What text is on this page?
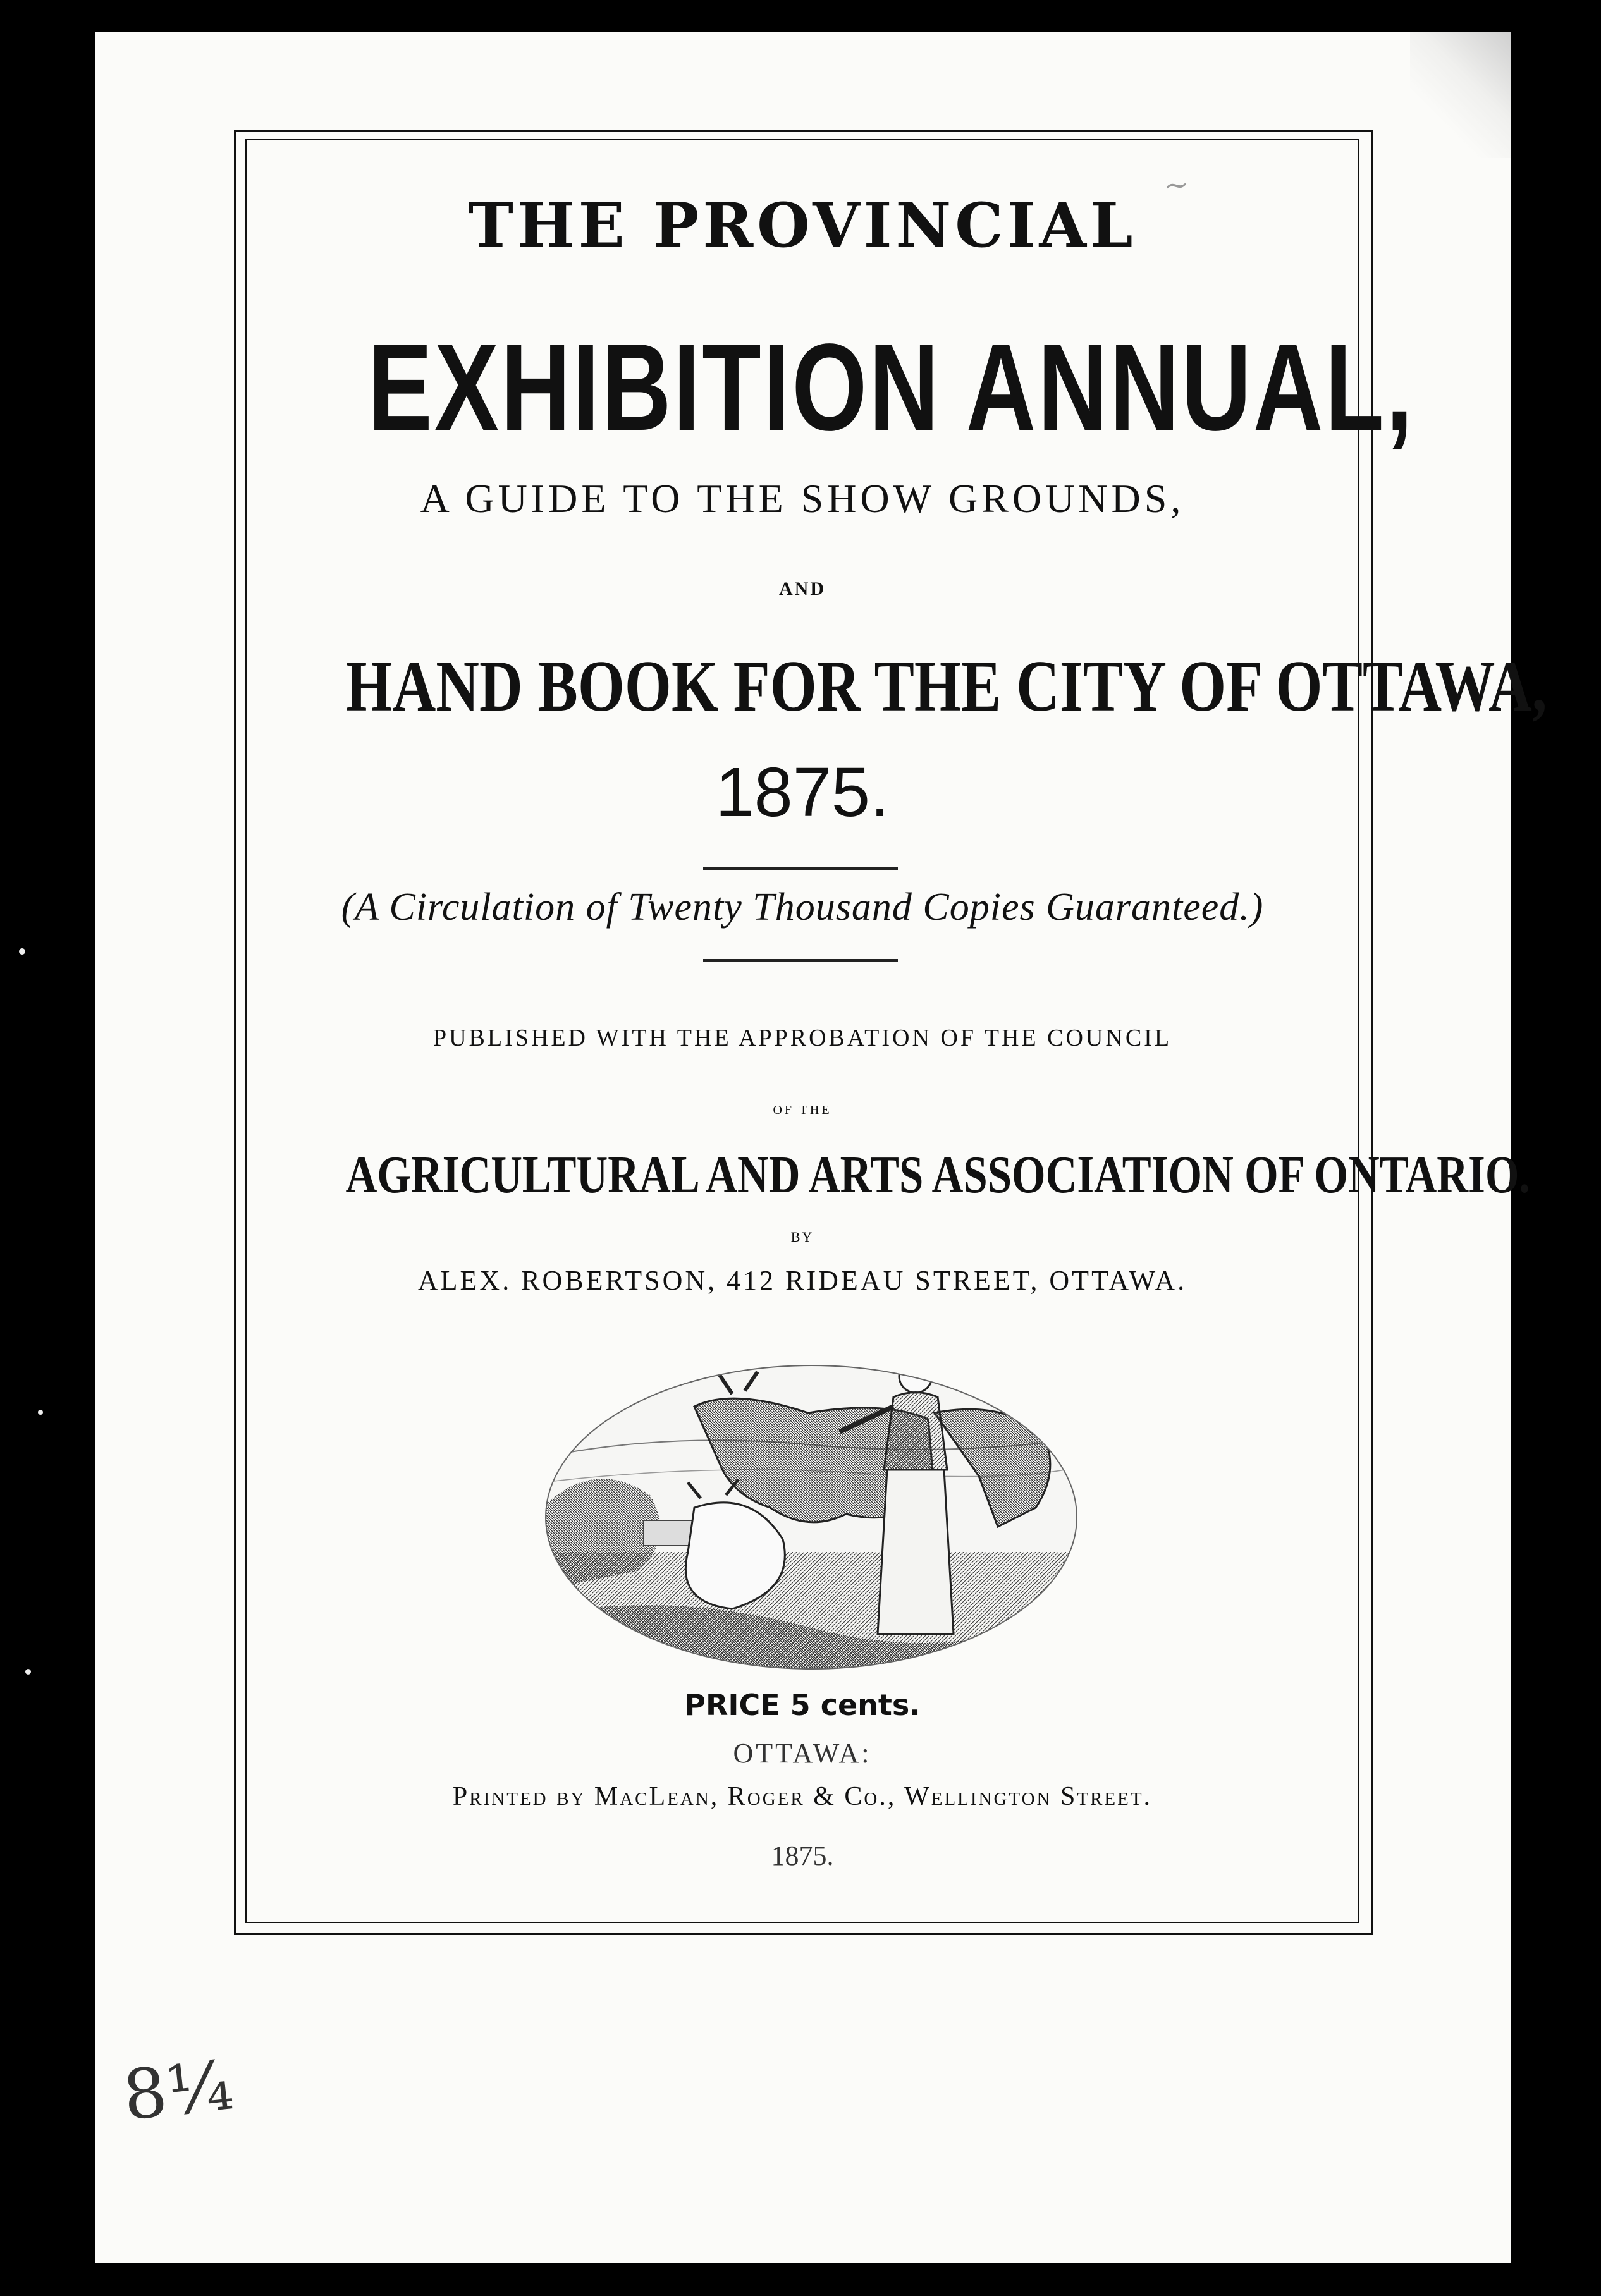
~
THE PROVINCIAL
EXHIBITION ANNUAL,
A GUIDE TO THE SHOW GROUNDS,
AND
HAND BOOK FOR THE CITY OF OTTAWA,
1875.
(A Circulation of Twenty Thousand Copies Guaranteed.)
PUBLISHED WITH THE APPROBATION OF THE COUNCIL
OF THE
AGRICULTURAL AND ARTS ASSOCIATION OF ONTARIO.
BY
ALEX. ROBERTSON, 412 RIDEAU STREET, OTTAWA.
PRICE 5 cents.
OTTAWA:
Printed by MacLean, Roger & Co., Wellington Street.
1875.
8¼
